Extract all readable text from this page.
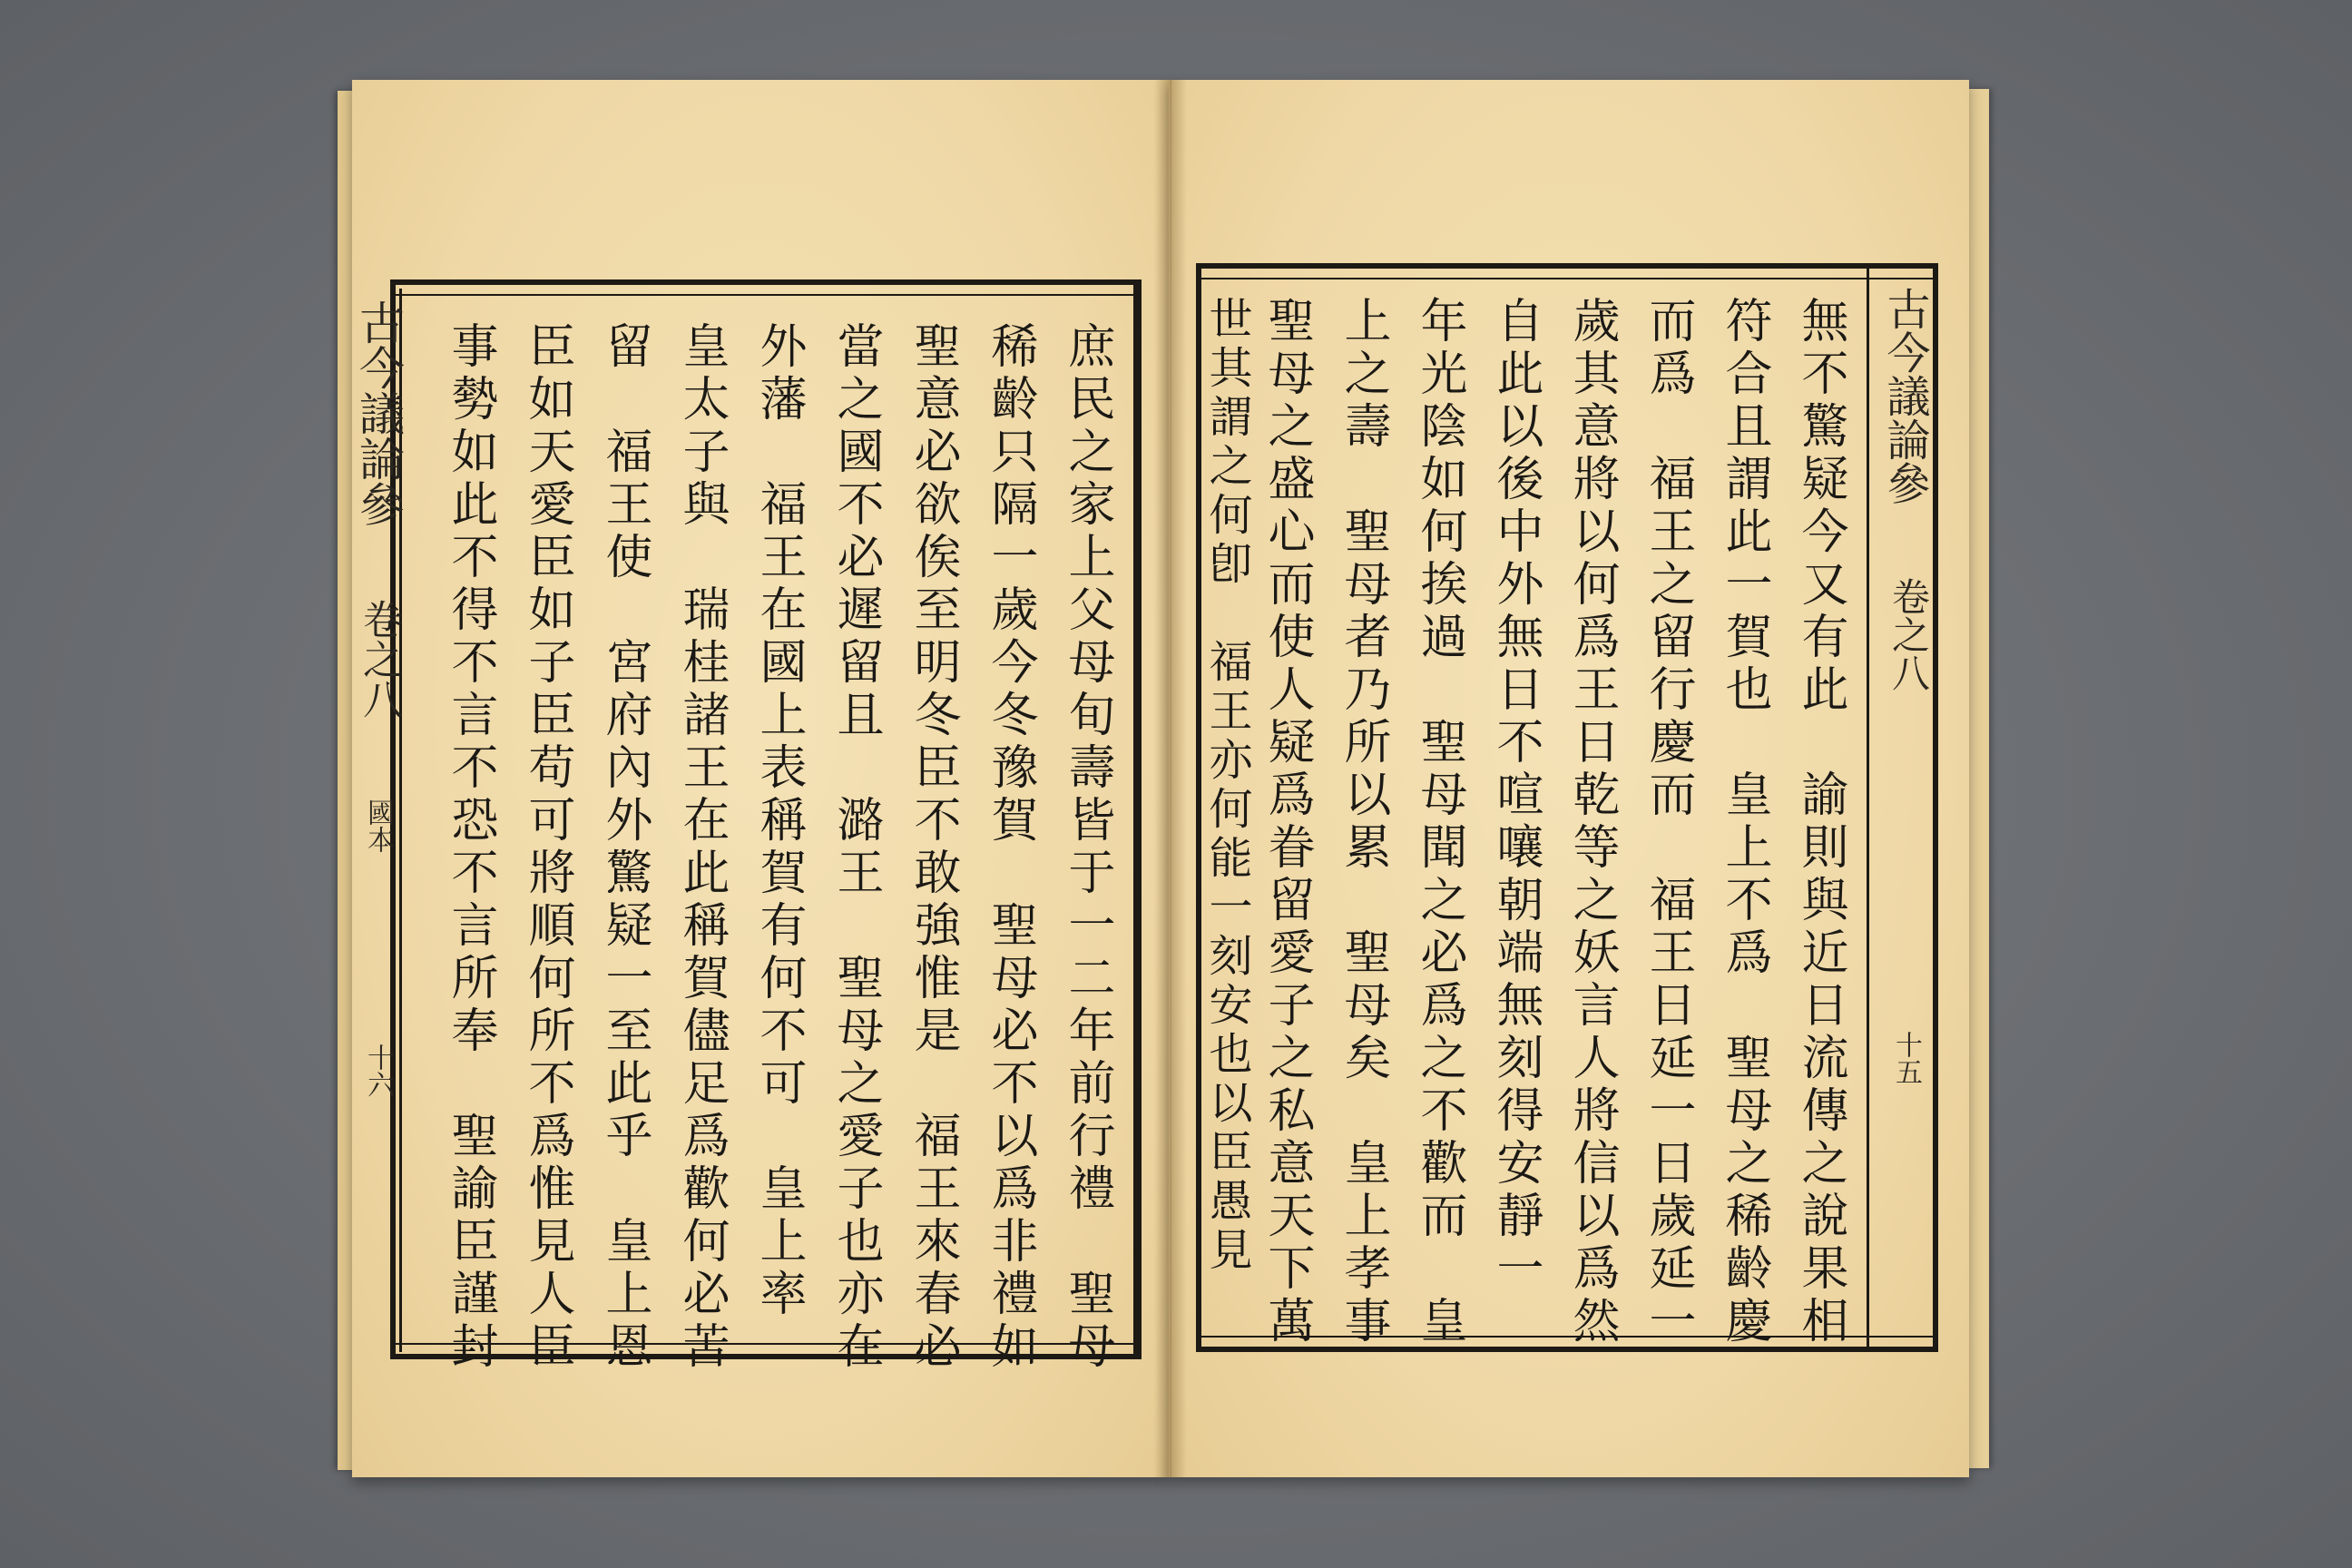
庶民之家上父母旬壽皆于一二年前行禮　聖母
稀齡只隔一歲今冬豫賀　聖母必不以爲非禮如
聖意必欲俟至明冬臣不敢強惟是　福王來春必
當之國不必遲留且　潞王　聖母之愛子也亦在
外藩　福王在國上表稱賀有何不可　皇上率
皇太子與　瑞桂諸王在此稱賀儘足爲歡何必苦
留　福王使　宮府內外驚疑一至此乎　皇上恩
臣如天愛臣如子臣苟可將順何所不爲惟見人臣
事勢如此不得不言不恐不言所奉　聖諭臣謹封
古今議論參
卷之八
國本
十六	無不驚疑今又有此　諭則與近日流傳之說果相
符合且謂此一賀也　皇上不爲　聖母之稀齡慶
而爲　福王之留行慶而　福王日延一日歲延一
歲其意將以何爲王日乾等之妖言人將信以爲然
自此以後中外無日不喧嚷朝端無刻得安靜一
年光陰如何挨過　聖母聞之必爲之不歡而　皇
上之壽　聖母者乃所以累　聖母矣　皇上孝事
聖母之盛心而使人疑爲眷留愛子之私意天下萬
世其謂之何卽　福王亦何能一刻安也以臣愚見	古今議論參
卷之八
十五
